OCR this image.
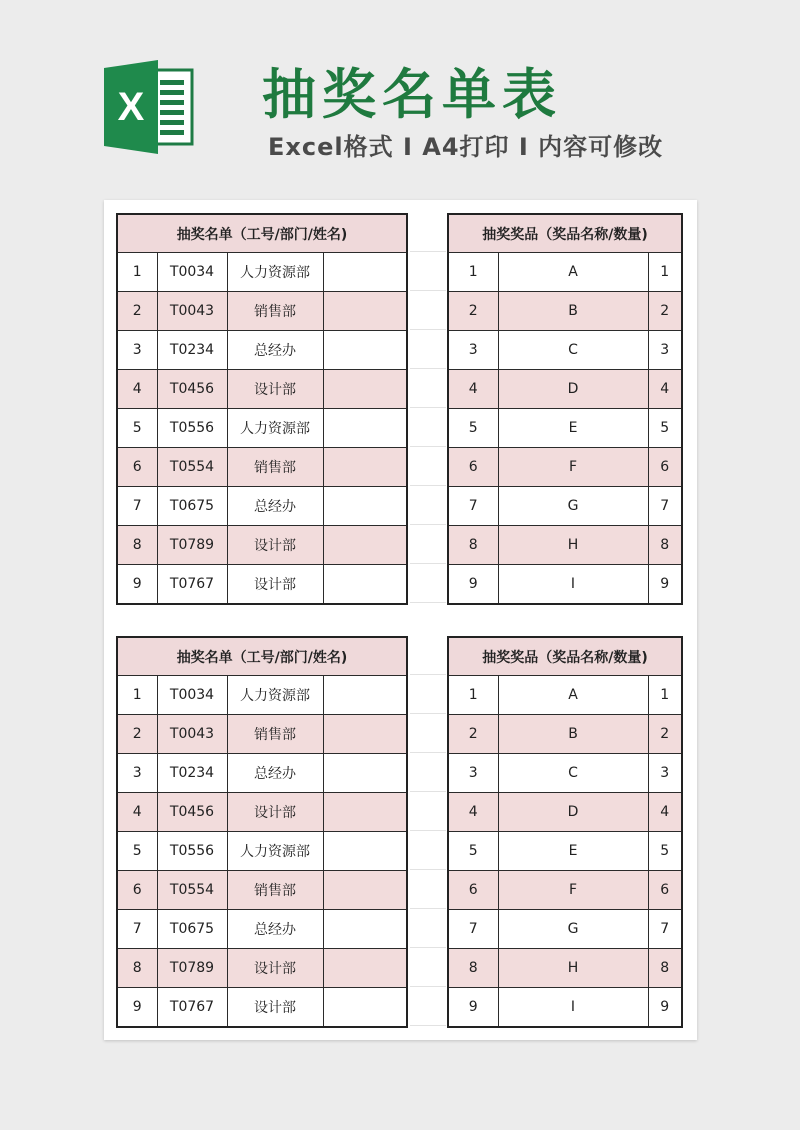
X 抽奖名单表
Excel格式 I A4打印 I 内容可修改
抽奖名单（工号/部门/姓名)			
1	T0034	人力资源部	
2	T0043	销售部	
3	T0234	总经办	
4	T0456	设计部	
5	T0556	人力资源部	
6	T0554	销售部	
7	T0675	总经办	
8	T0789	设计部	
9	T0767	设计部	
抽奖奖品（奖品名称/数量)		
1	A	1
2	B	2
3	C	3
4	D	4
5	E	5
6	F	6
7	G	7
8	H	8
9	I	9
抽奖名单（工号/部门/姓名)			
1	T0034	人力资源部	
2	T0043	销售部	
3	T0234	总经办	
4	T0456	设计部	
5	T0556	人力资源部	
6	T0554	销售部	
7	T0675	总经办	
8	T0789	设计部	
9	T0767	设计部	
抽奖奖品（奖品名称/数量)		
1	A	1
2	B	2
3	C	3
4	D	4
5	E	5
6	F	6
7	G	7
8	H	8
9	I	9
